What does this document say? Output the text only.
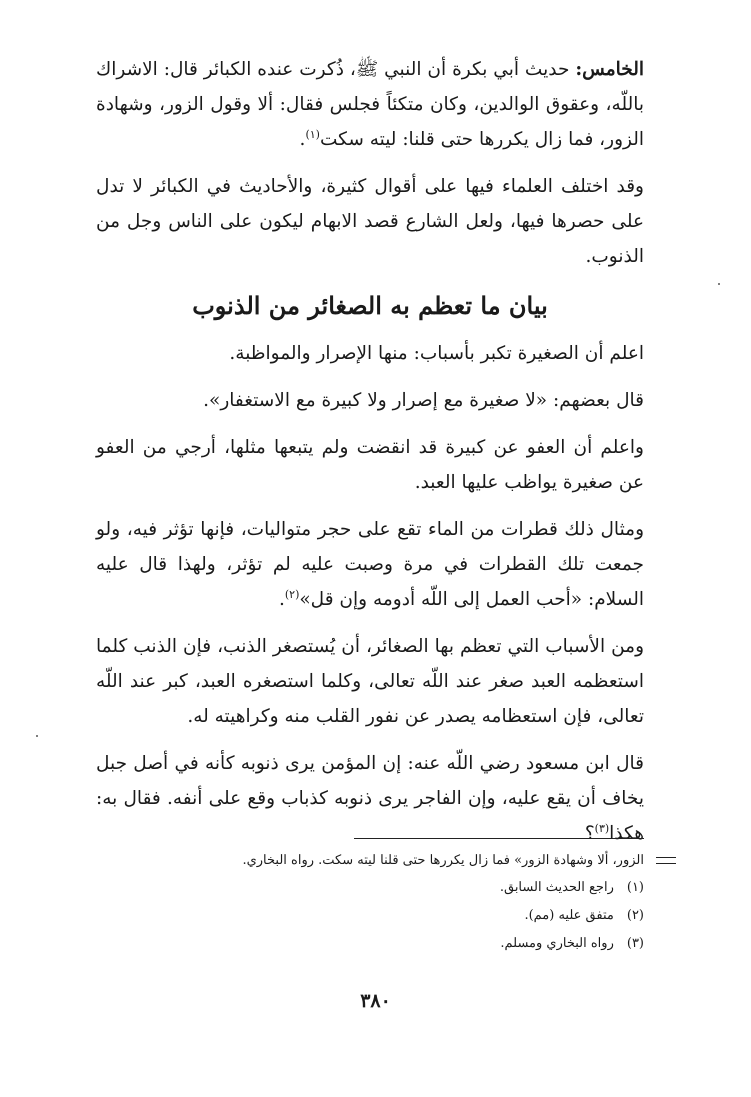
الخامس: حديث أبي بكرة أن النبي ﷺ، ذُكرت عنده الكبائر قال: الاشراك باللّه، وعقوق الوالدين، وكان متكئاً فجلس فقال: ألا وقول الزور، وشهادة الزور، فما زال يكررها حتى قلنا: ليته سكت$^{(١)}$.

وقد اختلف العلماء فيها على أقوال كثيرة، والأحاديث في الكبائر لا تدل على حصرها فيها، ولعل الشارع قصد الابهام ليكون على الناس وجل من الذنوب.

بيان ما تعظم به الصغائر من الذنوب

اعلم أن الصغيرة تكبر بأسباب: منها الإصرار والمواظبة.

قال بعضهم: «لا صغيرة مع إصرار ولا كبيرة مع الاستغفار».

واعلم أن العفو عن كبيرة قد انقضت ولم يتبعها مثلها، أرجي من العفو عن صغيرة يواظب عليها العبد.

ومثال ذلك قطرات من الماء تقع على حجر متواليات، فإنها تؤثر فيه، ولو جمعت تلك القطرات في مرة وصبت عليه لم تؤثر، ولهذا قال عليه السلام: «أحب العمل إلى اللّه أدومه وإن قل»$^{(٢)}$.

ومن الأسباب التي تعظم بها الصغائر، أن يُستصغر الذنب، فإن الذنب كلما استعظمه العبد صغر عند اللّه تعالى، وكلما استصغره العبد، كبر عند اللّه تعالى، فإن استعظامه يصدر عن نفور القلب منه وكراهيته له.

قال ابن مسعود رضي اللّه عنه: إن المؤمن يرى ذنوبه كأنه في أصل جبل يخاف أن يقع عليه، وإن الفاجر يرى ذنوبه كذباب وقع على أنفه. فقال به: هكذا$^{(٣)}$؟

الزور، ألا وشهادة الزور» فما زال يكررها حتى قلنا ليته سكت. رواه البخاري.

(١) راجع الحديث السابق.

(٢) متفق عليه (مم).

(٣) رواه البخاري ومسلم.

٣٨٠
